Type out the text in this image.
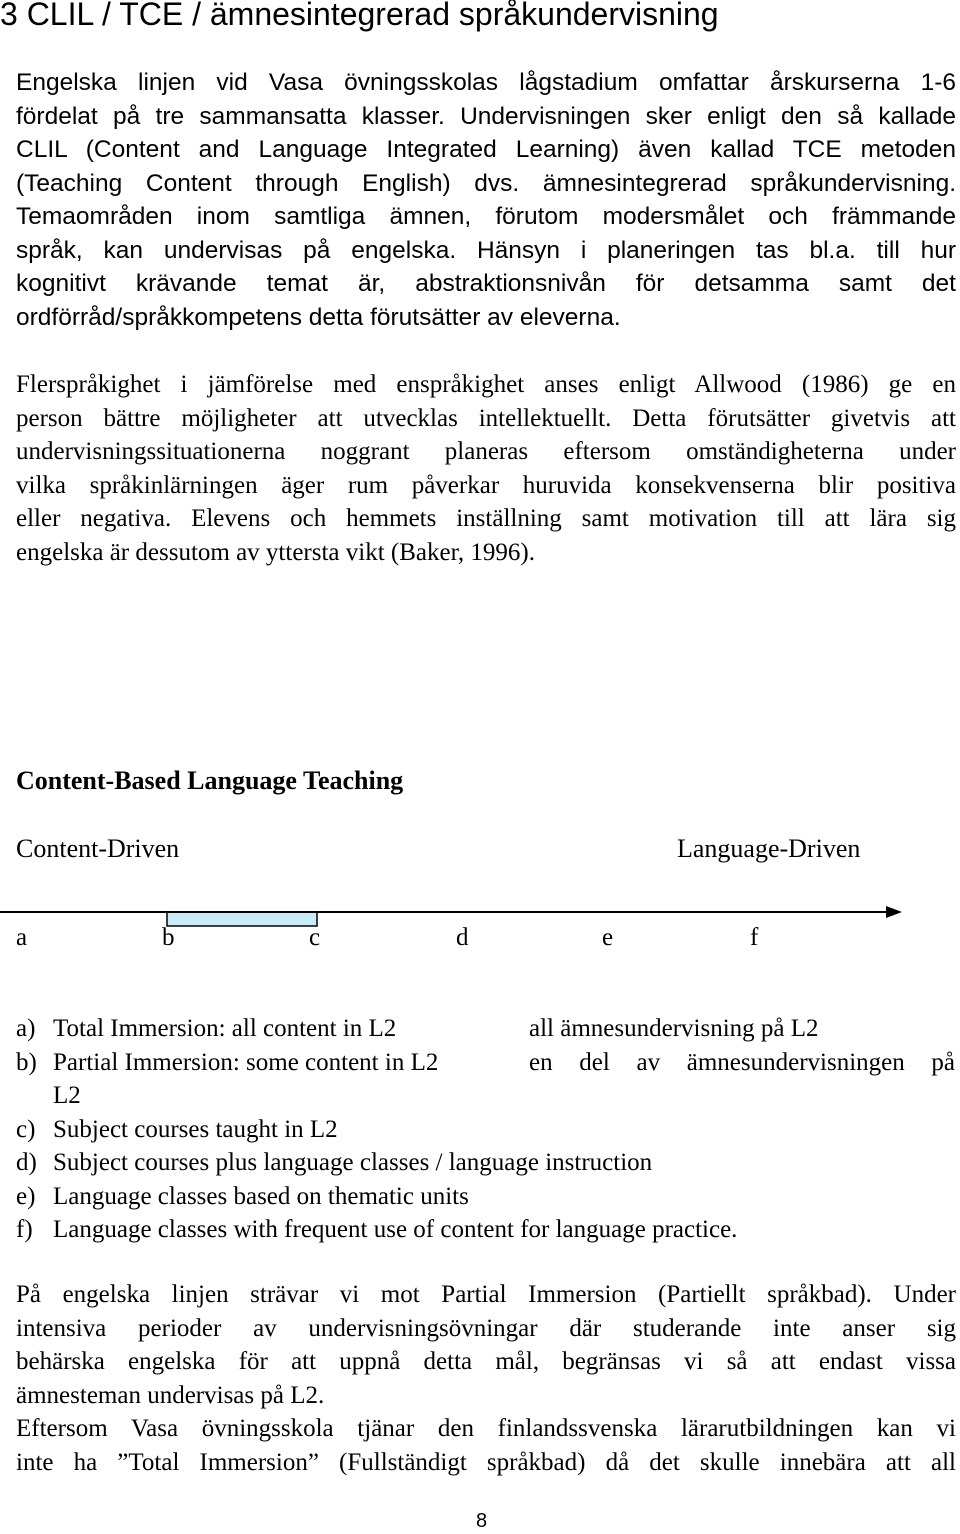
3 CLIL / TCE / ämnesintegrerad språkundervisning
Engelska linjen vid Vasa övningsskolas lågstadium omfattar årskurserna 1-6
fördelat på tre sammansatta klasser. Undervisningen sker enligt den så kallade
CLIL (Content and Language Integrated Learning) även kallad TCE metoden
(Teaching Content through English) dvs. ämnesintegrerad språkundervisning.
Temaområden inom samtliga ämnen, förutom modersmålet och främmande
språk, kan undervisas på engelska. Hänsyn i planeringen tas bl.a. till hur
kognitivt krävande temat är, abstraktionsnivån för detsamma samt det
ordförråd/språkkompetens detta förutsätter av eleverna.
Flerspråkighet i jämförelse med enspråkighet anses enligt Allwood (1986) ge en
person bättre möjligheter att utvecklas intellektuellt. Detta förutsätter givetvis att
undervisningssituationerna noggrant planeras eftersom omständigheterna under
vilka språkinlärningen äger rum påverkar huruvida konsekvenserna blir positiva
eller negativa. Elevens och hemmets inställning samt motivation till att lära sig
engelska är dessutom av yttersta vikt (Baker, 1996).
Content-Based Language Teaching
Content-Driven	Language-Driven
a	b	c	d	e	f
a) Total Immersion: all content in L2	all ämnesundervisning på L2
b) Partial Immersion: some content in L2	en del av ämnesundervisningen på
L2
c) Subject courses taught in L2
d) Subject courses plus language classes / language instruction
e) Language classes based on thematic units
f) Language classes with frequent use of content for language practice.
På engelska linjen strävar vi mot Partial Immersion (Partiellt språkbad). Under
intensiva perioder av undervisningsövningar där studerande inte anser sig
behärska engelska för att uppnå detta mål, begränsas vi så att endast vissa
ämnesteman undervisas på L2.
Eftersom Vasa övningsskola tjänar den finlandssvenska lärarutbildningen kan vi
inte ha ”Total Immersion” (Fullständigt språkbad) då det skulle innebära att all
8
